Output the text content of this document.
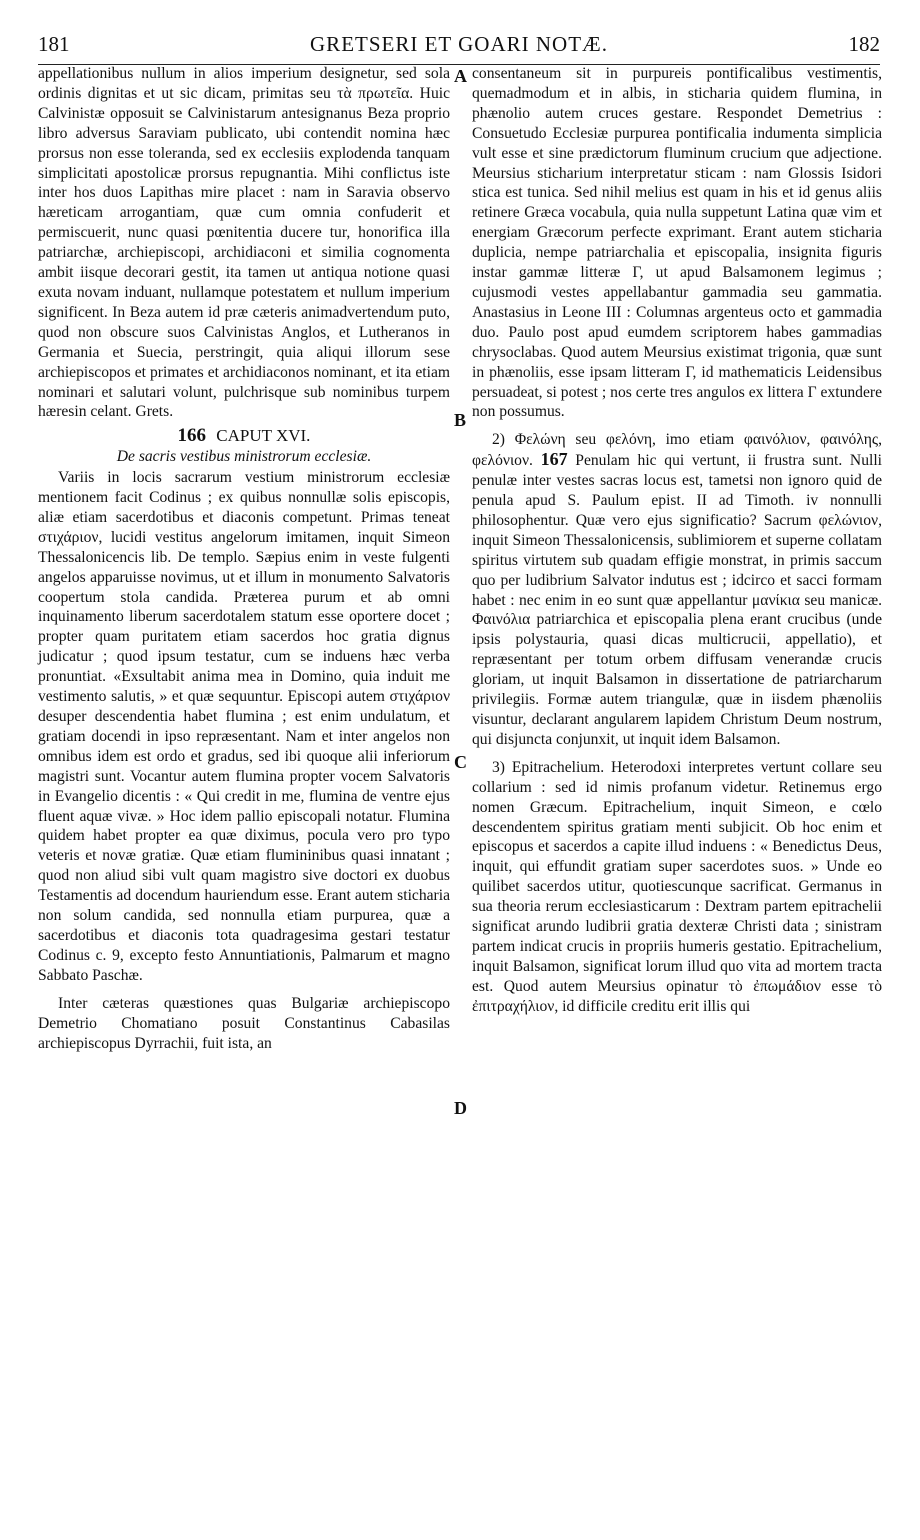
181	GRETSERI ET GOARI NOTÆ.	182
A
B
C
D

appellationibus nullum in alios imperium designetur, sed sola ordinis dignitas et ut sic dicam, primitas seu τὰ πρωτεῖα. Huic Calvinistæ opposuit se Calvinistarum antesignanus Beza proprio libro adversus Saraviam publicato, ubi contendit nomina hæc prorsus non esse toleranda, sed ex ecclesiis explodenda tanquam simplicitati apostolicæ prorsus repugnantia. Mihi conflictus iste inter hos duos Lapithas mire placet : nam in Saravia observo hæreticam arrogantiam, quæ cum omnia confuderit et permiscuerit, nunc quasi pœnitentia ducere tur, honorifica illa patriarchæ, archiepiscopi, archidiaconi et similia cognomenta ambit iisque decorari gestit, ita tamen ut antiqua notione quasi exuta novam induant, nullamque potestatem et nullum imperium significent. In Beza autem id præ cæteris animadvertendum puto, quod non obscure suos Calvinistas Anglos, et Lutheranos in Germania et Suecia, perstringit, quia aliqui illorum sese archiepiscopos et primates et archidiaconos nominant, et ita etiam nominari et salutari volunt, pulchrisque sub nominibus turpem hæresin celant. Grets.

166 CAPUT XVI.
De sacris vestibus ministrorum ecclesiæ.

Variis in locis sacrarum vestium ministrorum ecclesiæ mentionem facit Codinus ; ex quibus nonnullæ solis episcopis, aliæ etiam sacerdotibus et diaconis competunt. Primas teneat στιχάριον, lucidi vestitus angelorum imitamen, inquit Simeon Thessalonicencis lib. De templo. Sæpius enim in veste fulgenti angelos apparuisse novimus, ut et illum in monumento Salvatoris coopertum stola candida. Præterea purum et ab omni inquinamento liberum sacerdotalem statum esse oportere docet ; propter quam puritatem etiam sacerdos hoc gratia dignus judicatur ; quod ipsum testatur, cum se induens hæc verba pronuntiat. «Exsultabit anima mea in Domino, quia induit me vestimento salutis, » et quæ sequuntur. Episcopi autem στιχάριον desuper descendentia habet flumina ; est enim undulatum, et gratiam docendi in ipso repræsentant. Nam et inter angelos non omnibus idem est ordo et gradus, sed ibi quoque alii inferiorum magistri sunt. Vocantur autem flumina propter vocem Salvatoris in Evangelio dicentis : « Qui credit in me, flumina de ventre ejus fluent aquæ vivæ. » Hoc idem pallio episcopali notatur. Flumina quidem habet propter ea quæ diximus, pocula vero pro typo veteris et novæ gratiæ. Quæ etiam flumininibus quasi innatant ; quod non aliud sibi vult quam magistro sive doctori ex duobus Testamentis ad docendum hauriendum esse. Erant autem sticharia non solum candida, sed nonnulla etiam purpurea, quæ a sacerdotibus et diaconis tota quadragesima gestari testatur Codinus c. 9, excepto festo Annuntiationis, Palmarum et magno Sabbato Paschæ.

Inter cæteras quæstiones quas Bulgariæ archiepiscopo Demetrio Chomatiano posuit Constantinus Cabasilas archiepiscopus Dyrrachii, fuit ista, an

consentaneum sit in purpureis pontificalibus vestimentis, quemadmodum et in albis, in sticharia quidem flumina, in phænolio autem cruces gestare. Respondet Demetrius : Consuetudo Ecclesiæ purpurea pontificalia indumenta simplicia vult esse et sine prædictorum fluminum crucium que adjectione. Meursius sticharium interpretatur sticam : nam Glossis Isidori stica est tunica. Sed nihil melius est quam in his et id genus aliis retinere Græca vocabula, quia nulla suppetunt Latina quæ vim et energiam Græcorum perfecte exprimant. Erant autem sticharia duplicia, nempe patriarchalia et episcopalia, insignita figuris instar gammæ litteræ Γ, ut apud Balsamonem legimus ; cujusmodi vestes appellabantur gammadia seu gammatia. Anastasius in Leone III : Columnas argenteus octo et gammadia duo. Paulo post apud eumdem scriptorem habes gammadias chrysoclabas. Quod autem Meursius existimat trigonia, quæ sunt in phænoliis, esse ipsam litteram Γ, id mathematicis Leidensibus persuadeat, si potest ; nos certe tres angulos ex littera Γ extundere non possumus.

2) Φελώνη seu φελόνη, imo etiam φαινόλιον, φαινόλης, φελόνιον. 167 Penulam hic qui vertunt, ii frustra sunt. Nulli penulæ inter vestes sacras locus est, tametsi non ignoro quid de penula apud S. Paulum epist. II ad Timoth. iv nonnulli philosophentur. Quæ vero ejus significatio? Sacrum φελώνιον, inquit Simeon Thessalonicensis, sublimiorem et superne collatam spiritus virtutem sub quadam effigie monstrat, in primis saccum quo per ludibrium Salvator indutus est ; idcirco et sacci formam habet : nec enim in eo sunt quæ appellantur μανίκια seu manicæ. Φαινόλια patriarchica et episcopalia plena erant crucibus (unde ipsis polystauria, quasi dicas multicrucii, appellatio), et repræsentant per totum orbem diffusam venerandæ crucis gloriam, ut inquit Balsamon in dissertatione de patriarcharum privilegiis. Formæ autem triangulæ, quæ in iisdem phænoliis visuntur, declarant angularem lapidem Christum Deum nostrum, qui disjuncta conjunxit, ut inquit idem Balsamon.

3) Epitrachelium. Heterodoxi interpretes vertunt collare seu collarium : sed id nimis profanum videtur. Retinemus ergo nomen Græcum. Epitrachelium, inquit Simeon, e cœlo descendentem spiritus gratiam menti subjicit. Ob hoc enim et episcopus et sacerdos a capite illud induens : « Benedictus Deus, inquit, qui effundit gratiam super sacerdotes suos. » Unde eo quilibet sacerdos utitur, quotiescunque sacrificat. Germanus in sua theoria rerum ecclesiasticarum : Dextram partem epitrachelii significat arundo ludibrii gratia dexteræ Christi data ; sinistram partem indicat crucis in propriis humeris gestatio. Epitrachelium, inquit Balsamon, significat lorum illud quo vita ad mortem tracta est. Quod autem Meursius opinatur τὸ ἐπωμάδιον esse τὸ ἐπιτραχήλιον, id difficile creditu erit illis qui
